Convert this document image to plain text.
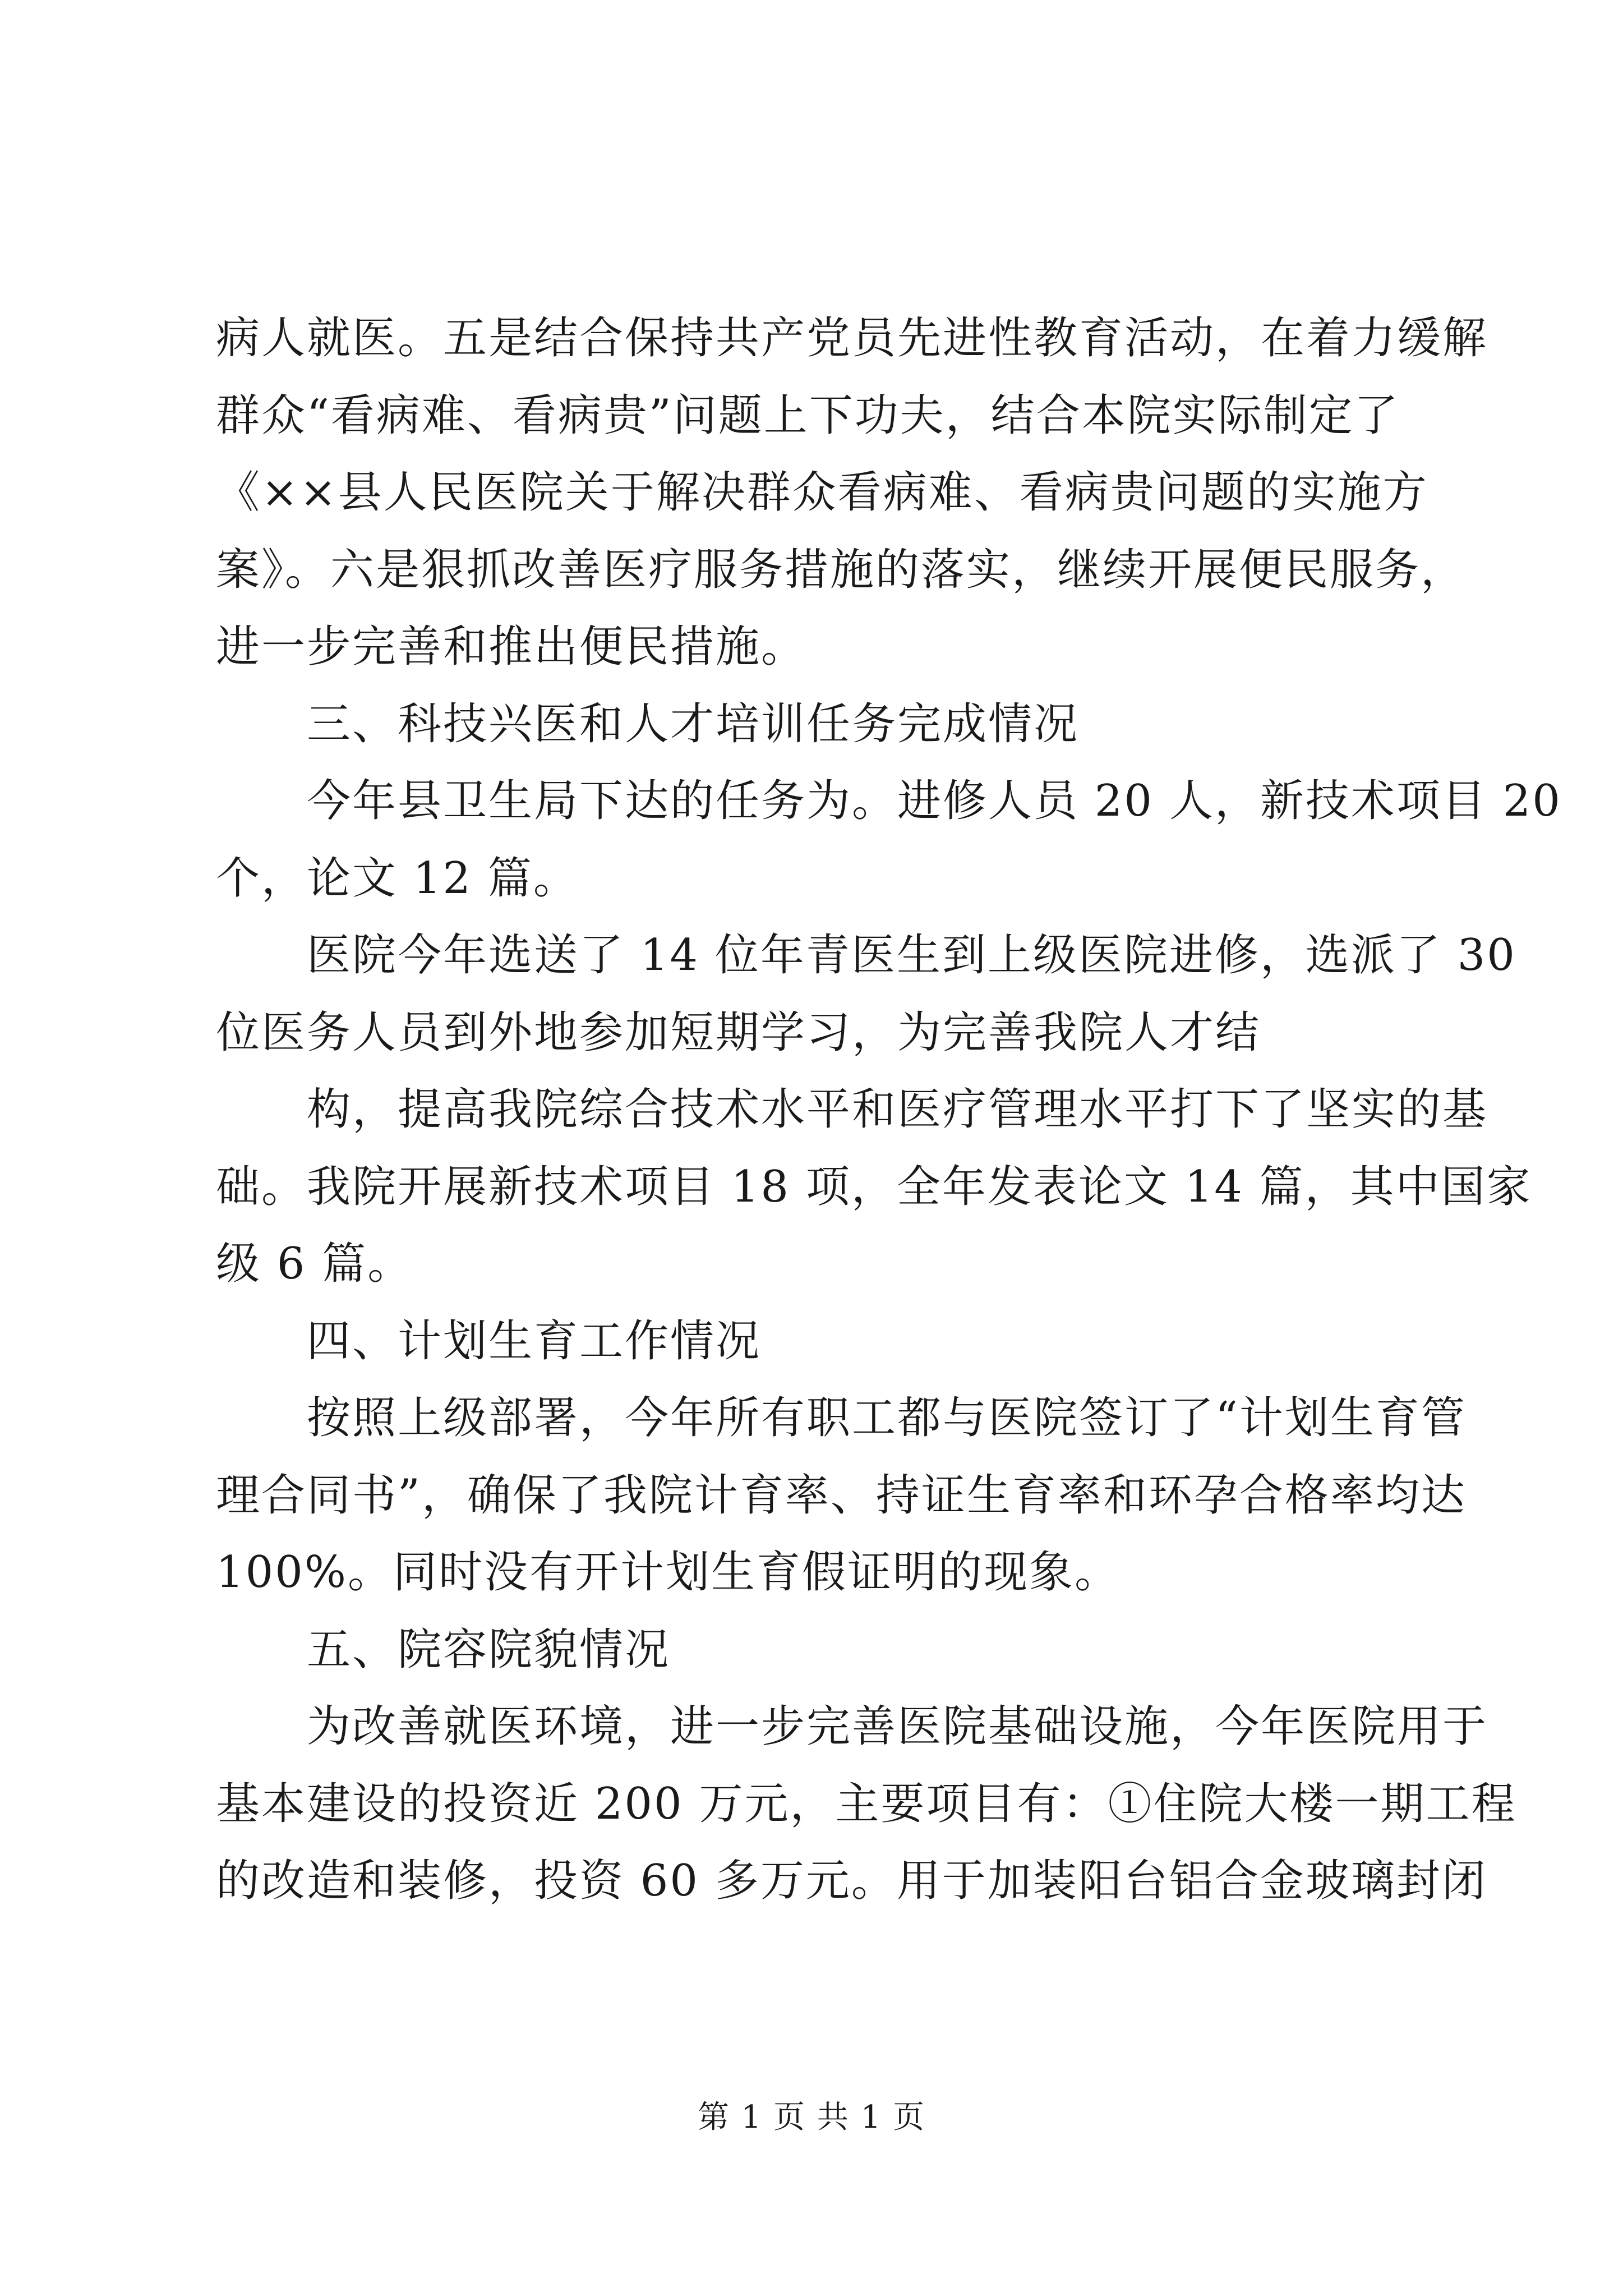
病人就医。五是结合保持共产党员先进性教育活动，在着力缓解
群众“看病难、看病贵”问题上下功夫，结合本院实际制定了
《××县人民医院关于解决群众看病难、看病贵问题的实施方
案》。六是狠抓改善医疗服务措施的落实，继续开展便民服务，
进一步完善和推出便民措施。
三、科技兴医和人才培训任务完成情况
今年县卫生局下达的任务为。进修人员 20 人，新技术项目 20
个，论文 12 篇。
医院今年选送了 14 位年青医生到上级医院进修，选派了 30
位医务人员到外地参加短期学习，为完善我院人才结
构，提高我院综合技术水平和医疗管理水平打下了坚实的基
础。我院开展新技术项目 18 项，全年发表论文 14 篇，其中国家
级 6 篇。
四、计划生育工作情况
按照上级部署，今年所有职工都与医院签订了“计划生育管
理合同书”，确保了我院计育率、持证生育率和环孕合格率均达
100%。同时没有开计划生育假证明的现象。
五、院容院貌情况
为改善就医环境，进一步完善医院基础设施，今年医院用于
基本建设的投资近 200 万元，主要项目有：①住院大楼一期工程
的改造和装修，投资 60 多万元。用于加装阳台铝合金玻璃封闭
第 1 页 共 1 页
